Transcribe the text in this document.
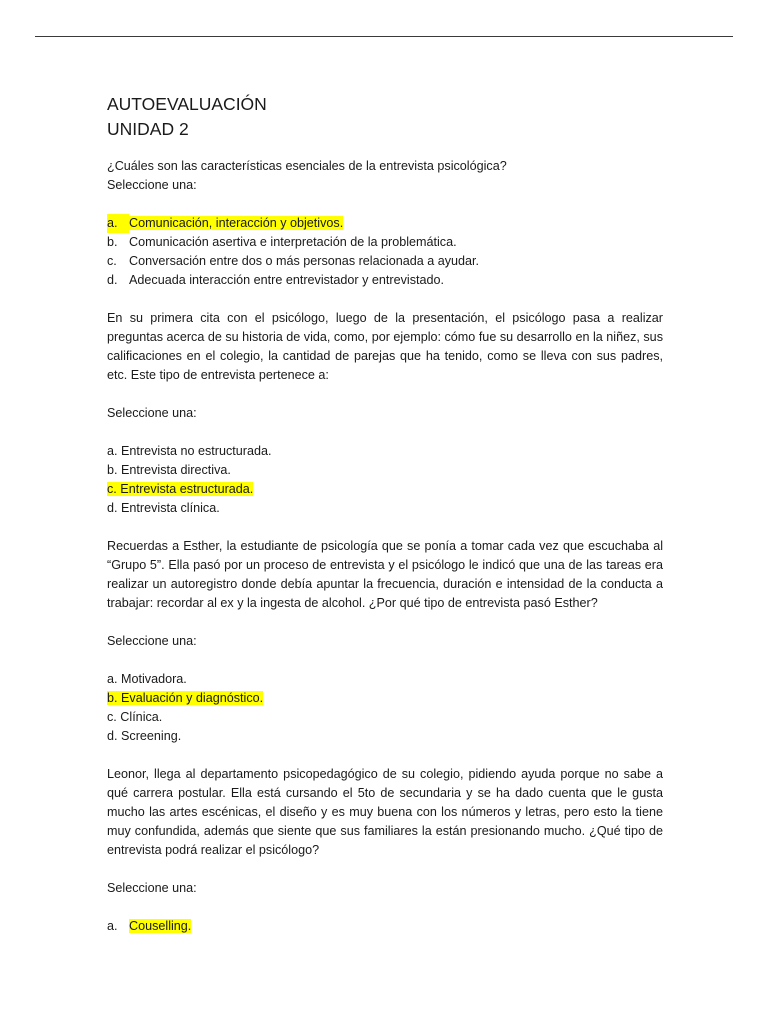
AUTOEVALUACIÓN

UNIDAD 2

¿Cuáles son las características esenciales de la entrevista psicológica?

Seleccione una:

a. Comunicación, interacción y objetivos.
b. Comunicación asertiva e interpretación de la problemática.
c. Conversación entre dos o más personas relacionada a ayudar.
d. Adecuada interacción entre entrevistador y entrevistado.

En su primera cita con el psicólogo, luego de la presentación, el psicólogo pasa a realizar preguntas acerca de su historia de vida, como, por ejemplo: cómo fue su desarrollo en la niñez, sus calificaciones en el colegio, la cantidad de parejas que ha tenido, como se lleva con sus padres, etc. Este tipo de entrevista pertenece a:

Seleccione una:

a. Entrevista no estructurada.

b. Entrevista directiva.

c. Entrevista estructurada.

d. Entrevista clínica.

Recuerdas a Esther, la estudiante de psicología que se ponía a tomar cada vez que escuchaba al “Grupo 5”. Ella pasó por un proceso de entrevista y el psicólogo le indicó que una de las tareas era realizar un autoregistro donde debía apuntar la frecuencia, duración e intensidad de la conducta a trabajar: recordar al ex y la ingesta de alcohol. ¿Por qué tipo de entrevista pasó Esther?

Seleccione una:

a. Motivadora.

b. Evaluación y diagnóstico.

c. Clínica.

d. Screening.

Leonor, llega al departamento psicopedagógico de su colegio, pidiendo ayuda porque no sabe a qué carrera postular. Ella está cursando el 5to de secundaria y se ha dado cuenta que le gusta mucho las artes escénicas, el diseño y es muy buena con los números y letras, pero esto la tiene muy confundida, además que siente que sus familiares la están presionando mucho. ¿Qué tipo de entrevista podrá realizar el psicólogo?

Seleccione una:

a. Couselling.
